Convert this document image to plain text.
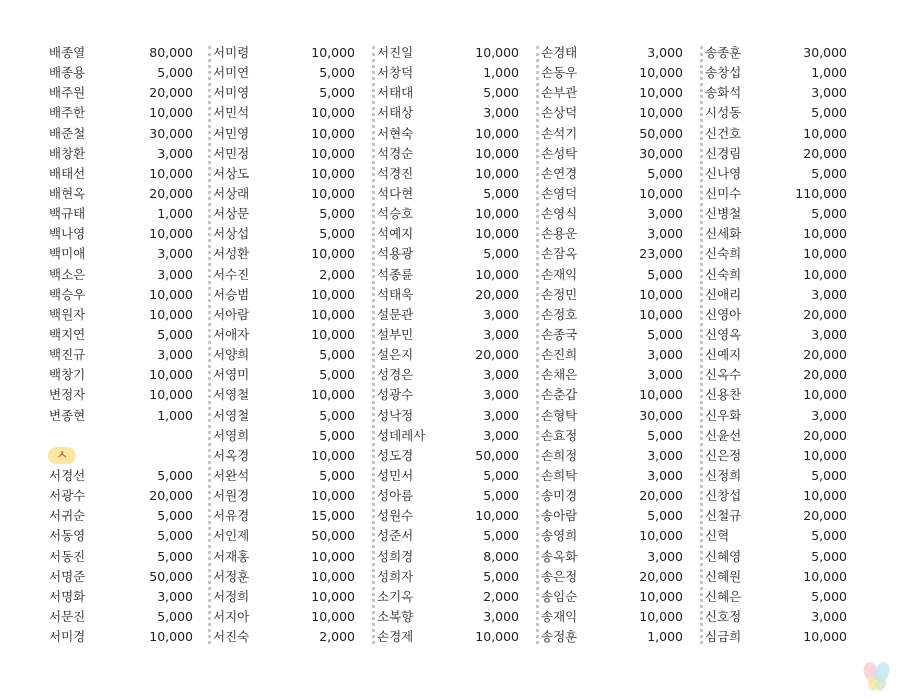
배종열	80,000
배종용	5,000
배주원	20,000
배주한	10,000
배준철	30,000
배창환	3,000
배태선	10,000
배현옥	20,000
백규태	1,000
백나영	10,000
백미애	3,000
백소은	3,000
백승우	10,000
백원자	10,000
백지연	5,000
백진규	3,000
백창기	10,000
변정자	10,000
변종현	1,000
ㅅ
서경선	5,000
서광수	20,000
서귀순	5,000
서동영	5,000
서동진	5,000
서명준	50,000
서명화	3,000
서문진	5,000
서미경	10,000
서미령	10,000
서미연	5,000
서미영	5,000
서민석	10,000
서민영	10,000
서민정	10,000
서상도	10,000
서상래	10,000
서상문	5,000
서상섭	5,000
서성환	10,000
서수진	2,000
서승범	10,000
서아람	10,000
서애자	10,000
서양희	5,000
서영미	5,000
서영철	10,000
서영철	5,000
서영희	5,000
서옥경	10,000
서완석	5,000
서원경	10,000
서유경	15,000
서인제	50,000
서재홍	10,000
서정훈	10,000
서정희	10,000
서지아	10,000
서진숙	2,000
서진일	10,000
서창덕	1,000
서태대	5,000
서태상	3,000
서현숙	10,000
석경순	10,000
석경진	10,000
석다현	5,000
석승호	10,000
석예지	10,000
석용광	5,000
석종륜	10,000
석태욱	20,000
설문관	3,000
설부민	3,000
설은지	20,000
성경은	3,000
성광수	3,000
성낙정	3,000
성데레사	3,000
성도경	50,000
성민서	5,000
성아름	5,000
성원수	10,000
성준서	5,000
성희경	8,000
성희자	5,000
소기옥	2,000
소복향	3,000
손경제	10,000
손경태	3,000
손동우	10,000
손부관	10,000
손상덕	10,000
손석기	50,000
손성탁	30,000
손연경	5,000
손영덕	10,000
손영식	3,000
손용운	3,000
손잠옥	23,000
손재익	5,000
손정민	10,000
손정호	10,000
손종국	5,000
손진희	3,000
손채은	3,000
손춘갑	10,000
손형탁	30,000
손효정	5,000
손희정	3,000
손희탁	3,000
송미경	20,000
송아람	5,000
송영희	10,000
송옥화	3,000
송은정	20,000
송임순	10,000
송재익	10,000
송정훈	1,000
송종훈	30,000
송창섭	1,000
송화석	3,000
시성동	5,000
신건호	10,000
신경림	20,000
신나영	5,000
신미수	110,000
신병철	5,000
신세화	10,000
신숙희	10,000
신숙희	10,000
신애리	3,000
신영아	20,000
신영옥	3,000
신예지	20,000
신옥수	20,000
신용찬	10,000
신우화	3,000
신윤선	20,000
신은정	10,000
신정희	5,000
신창섭	10,000
신철규	20,000
신혁	5,000
신혜영	5,000
신혜원	10,000
신혜은	5,000
신호정	3,000
심금희	10,000
